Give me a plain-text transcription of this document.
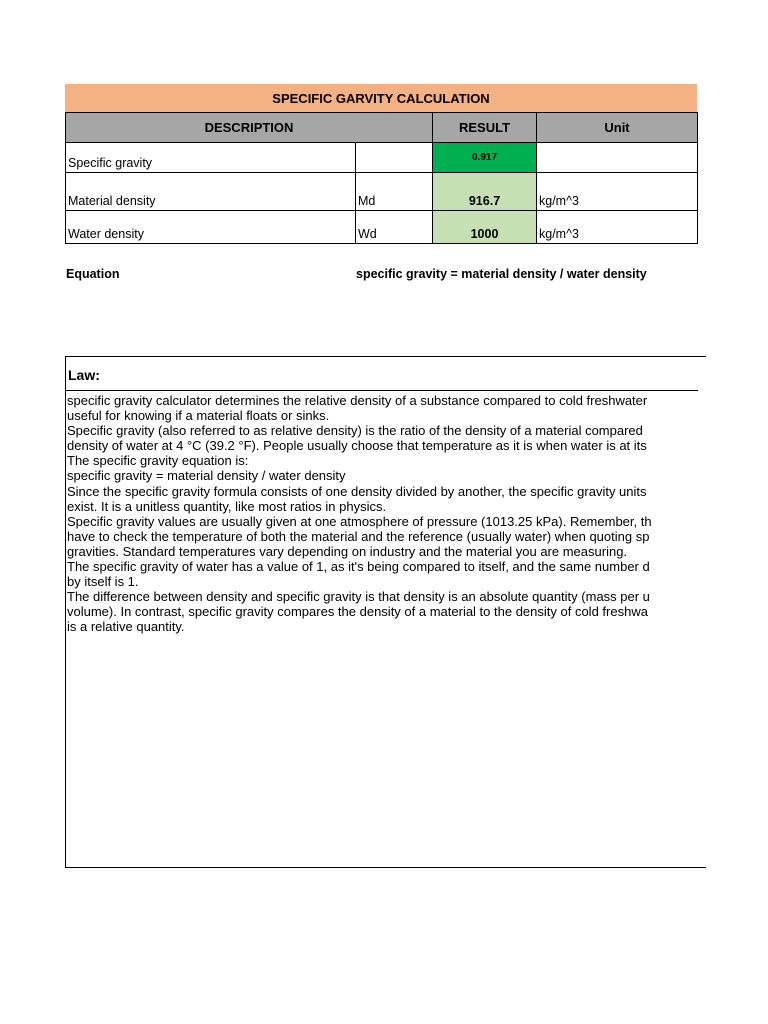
SPECIFIC GARVITY CALCULATION
DESCRIPTION		RESULT	Unit
Specific gravity		0.917	
Material density	Md	916.7	kg/m^3
Water density	Wd	1000	kg/m^3
Equation	specific gravity = material density / water density
Law:
specific gravity calculator determines the relative density of a substance compared to cold freshwater
useful for knowing if a material floats or sinks.
Specific gravity (also referred to as relative density) is the ratio of the density of a material compared
density of water at 4 °C (39.2 °F). People usually choose that temperature as it is when water is at its
The specific gravity equation is:
specific gravity = material density / water density
Since the specific gravity formula consists of one density divided by another, the specific gravity units
exist. It is a unitless quantity, like most ratios in physics.
Specific gravity values are usually given at one atmosphere of pressure (1013.25 kPa). Remember, th
have to check the temperature of both the material and the reference (usually water) when quoting sp
gravities. Standard temperatures vary depending on industry and the material you are measuring.
The specific gravity of water has a value of 1, as it's being compared to itself, and the same number d
by itself is 1.
The difference between density and specific gravity is that density is an absolute quantity (mass per u
volume). In contrast, specific gravity compares the density of a material to the density of cold freshwa
is a relative quantity.
